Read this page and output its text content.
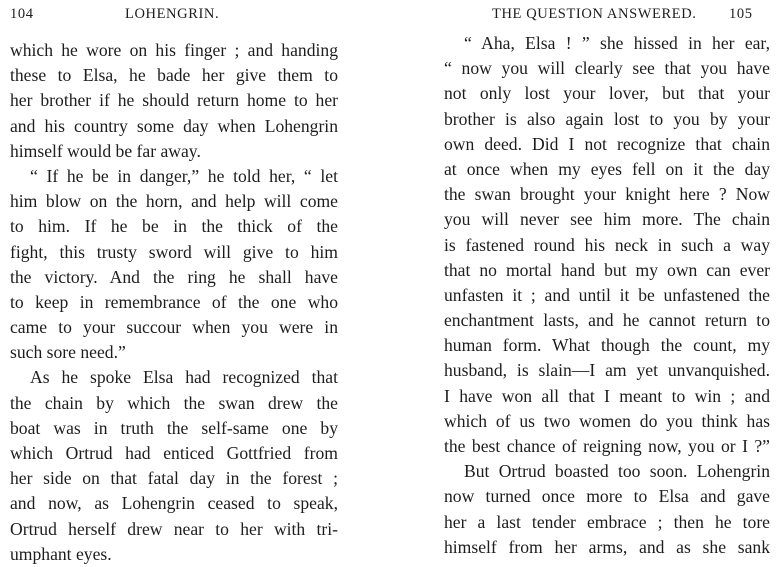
104	LOHENGRIN.
which he wore on his finger ; and handing
these to Elsa, he bade her give them to
her brother if he should return home to her
and his country some day when Lohengrin
himself would be far away.
“ If he be in danger,” he told her, “ let
him blow on the horn, and help will come
to him. If he be in the thick of the
fight, this trusty sword will give to him
the victory. And the ring he shall have
to keep in remembrance of the one who
came to your succour when you were in
such sore need.”
As he spoke Elsa had recognized that
the chain by which the swan drew the
boat was in truth the self-same one by
which Ortrud had enticed Gottfried from
her side on that fatal day in the forest ;
and now, as Lohengrin ceased to speak,
Ortrud herself drew near to her with tri-
umphant eyes.
THE QUESTION ANSWERED. 105
“ Aha, Elsa ! ” she hissed in her ear,
“ now you will clearly see that you have
not only lost your lover, but that your
brother is also again lost to you by your
own deed. Did I not recognize that chain
at once when my eyes fell on it the day
the swan brought your knight here ? Now
you will never see him more. The chain
is fastened round his neck in such a way
that no mortal hand but my own can ever
unfasten it ; and until it be unfastened the
enchantment lasts, and he cannot return to
human form. What though the count, my
husband, is slain—I am yet unvanquished.
I have won all that I meant to win ; and
which of us two women do you think has
the best chance of reigning now, you or I ?”
But Ortrud boasted too soon. Lohengrin
now turned once more to Elsa and gave
her a last tender embrace ; then he tore
himself from her arms, and as she sank
